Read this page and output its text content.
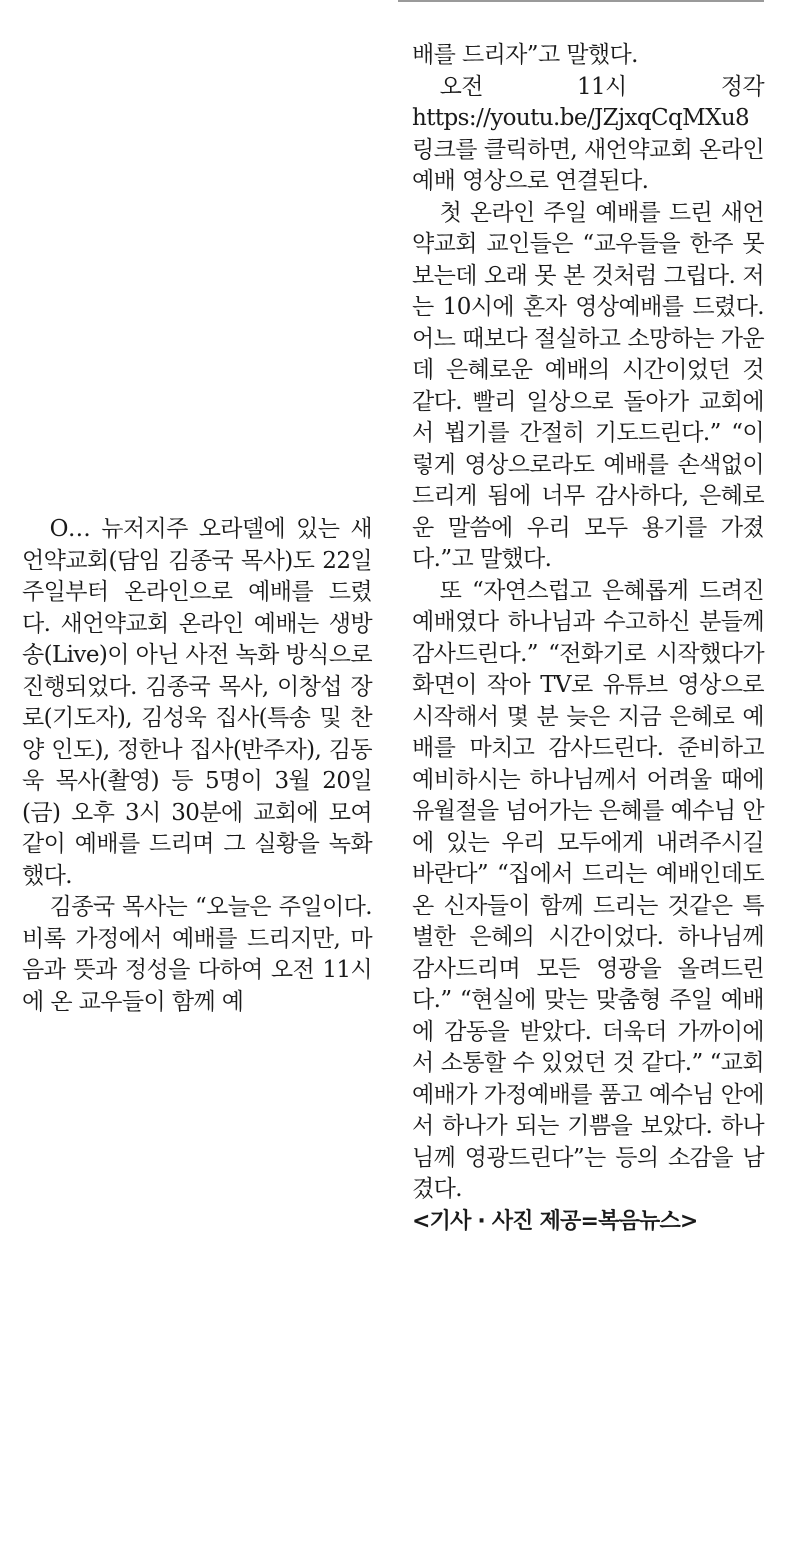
O… 뉴저지주 오라델에 있는 새언약교회(담임 김종국 목사)도 22일 주일부터 온라인으로 예배를 드렸다. 새언약교회 온라인 예배는 생방송(Live)이 아닌 사전 녹화 방식으로 진행되었다. 김종국 목사, 이창섭 장로(기도자), 김성욱 집사(특송 및 찬양 인도), 정한나 집사(반주자), 김동욱 목사(촬영) 등 5명이 3월 20일(금) 오후 3시 30분에 교회에 모여 같이 예배를 드리며 그 실황을 녹화했다.

김종국 목사는 “오늘은 주일이다. 비록 가정에서 예배를 드리지만, 마음과 뜻과 정성을 다하여 오전 11시에 온 교우들이 함께 예

배를 드리자”고 말했다.

오전 11시 정각 https://youtu.be/JZjxqCqMXu8링크를 클릭하면, 새언약교회 온라인 예배 영상으로 연결된다.

첫 온라인 주일 예배를 드린 새언약교회 교인들은 “교우들을 한주 못 보는데 오래 못 본 것처럼 그립다. 저는 10시에 혼자 영상예배를 드렸다. 어느 때보다 절실하고 소망하는 가운데 은혜로운 예배의 시간이었던 것 같다. 빨리 일상으로 돌아가 교회에서 뵙기를 간절히 기도드린다.” “이렇게 영상으로라도 예배를 손색없이 드리게 됨에 너무 감사하다, 은혜로운 말씀에 우리 모두 용기를 가졌다.”고 말했다.

또 “자연스럽고 은혜롭게 드려진 예배였다 하나님과 수고하신 분들께 감사드린다.” “전화기로 시작했다가 화면이 작아 TV로 유튜브 영상으로 시작해서 몇 분 늦은 지금 은혜로 예배를 마치고 감사드린다. 준비하고 예비하시는 하나님께서 어려울 때에 유월절을 넘어가는 은혜를 예수님 안에 있는 우리 모두에게 내려주시길 바란다” “집에서 드리는 예배인데도 온 신자들이 함께 드리는 것같은 특별한 은혜의 시간이었다. 하나님께 감사드리며 모든 영광을 올려드린다.” “현실에 맞는 맞춤형 주일 예배에 감동을 받았다. 더욱더 가까이에서 소통할 수 있었던 것 같다.” “교회예배가 가정예배를 품고 예수님 안에서 하나가 되는 기쁨을 보았다. 하나님께 영광드린다”는 등의 소감을 남겼다.

<기사 · 사진 제공=복음뉴스>
